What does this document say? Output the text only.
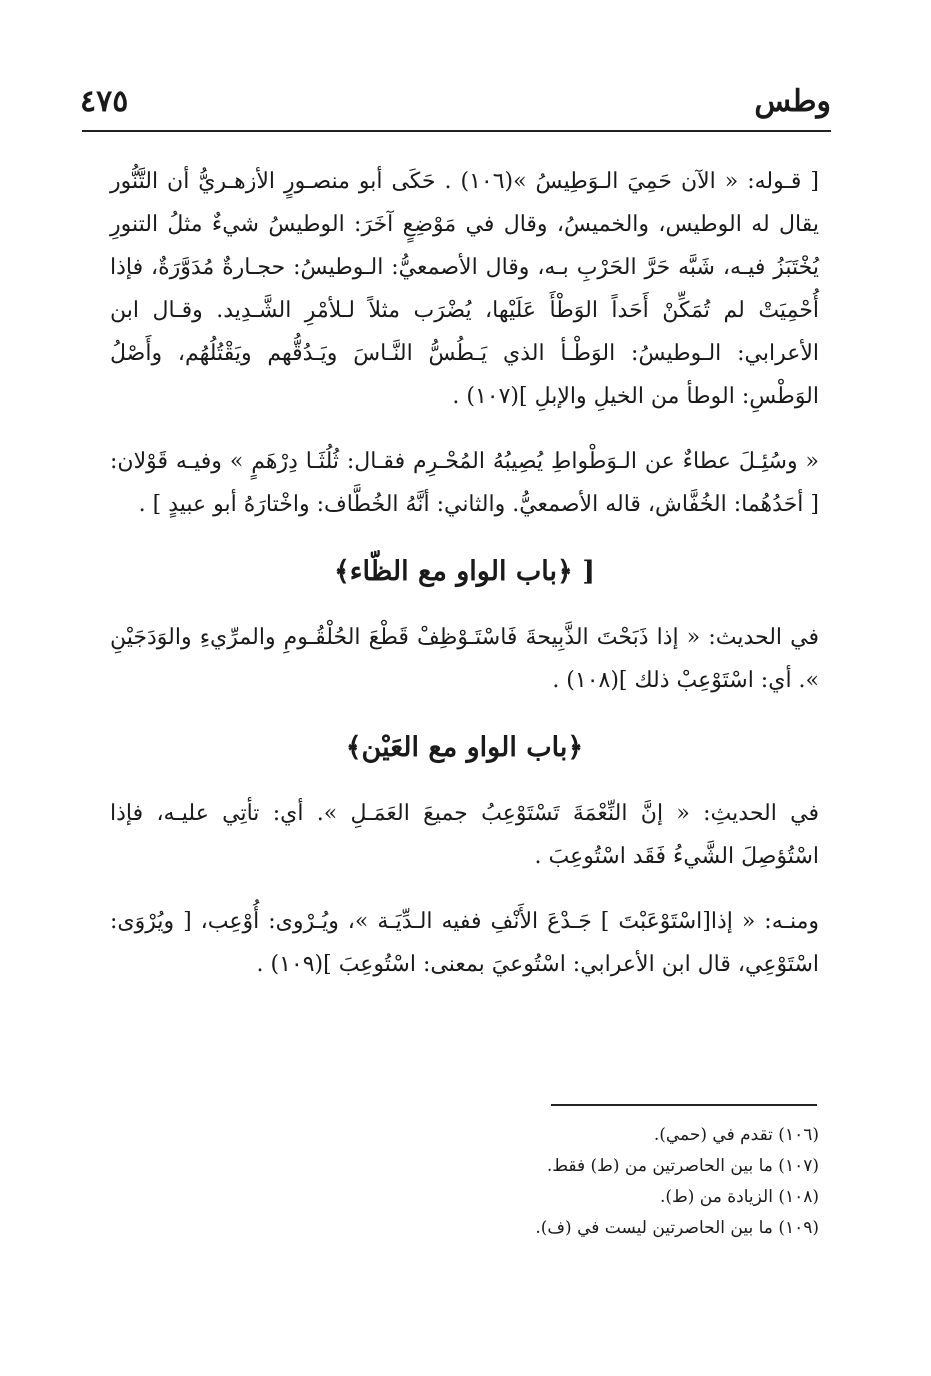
وطس
٤٧٥

[ قـوله: « الآن حَمِيَ الـوَطِيسُ »(١٠٦) . حَكَى أبو منصـورٍ الأزهـريُّ أن التَّنُّور يقال له الوطيس، والخميسُ، وقال في مَوْضِعٍ آخَرَ: الوطيسُ شيءٌ مثلُ التنورِ يُخْتَبَزُ فيـه، شَبَّه حَرَّ الحَرْبِ بـه، وقال الأصمعيُّ: الـوطيسُ: حجـارةٌ مُدَوَّرَةٌ، فإذا أُحْمِيَتْ لم تُمَكِّنْ أَحَداً الوَطْأَ عَلَيْها، يُضْرَب مثلاً لـلأمْرِ الشَّـدِيد. وقـال ابن الأعرابي: الـوطيسُ: الوَطْـأ الذي يَـطُسُّ النَّـاسَ ويَـدُقُّهم ويَقْتُلُهُم، وأَصْلُ الوَطْسِ: الوطأ من الخيلِ والإبلِ ](١٠٧) .

« وسُئِـلَ عطاءٌ عن الـوَطْواطِ يُصِيبُهُ المُحْـرِم فقـال: ثُلُثَـا دِرْهَمٍ » وفيـه قَوْلان: [ أحَدُهُما: الخُفَّاش، قاله الأصمعيُّ. والثاني: أنَّهُ الخُطَّاف: واخْتارَهُ أبو عبيدٍ ] .

[ ﴿باب الواو مع الظّاء﴾

في الحديث: « إذا ذَبَحْتَ الذَّبِيحةَ فَاسْتَـوْظِفْ قَطْعَ الحُلْقُـومِ والمرِّيءِ والوَدَجَيْنِ ». أي: اسْتَوْعِبْ ذلك ](١٠٨) .

﴿باب الواو مع العَيْن﴾

في الحديثِ: « إنَّ النِّعْمَةَ تَسْتَوْعِبُ جميعَ العَمَـلِ ». أي: تأتِي عليـه، فإذا اسْتُؤصِلَ الشَّيءُ فَقَد اسْتُوعِبَ .

ومنـه: « إذا[اسْتَوْعَبْتَ ] جَـدْعَ الأَنْفِ ففيه الـدِّيَـة »، ويُـرْوى: أُوْعِب، [ ويُرْوَى: اسْتَوْعِي، قال ابن الأعرابي: اسْتُوعيَ بمعنى: اسْتُوعِبَ ](١٠٩) .

(١٠٦) تقدم في (حمي).

(١٠٧) ما بين الحاصرتين من (ط) فقط.

(١٠٨) الزيادة من (ط).

(١٠٩) ما بين الحاصرتين ليست في (ف).
